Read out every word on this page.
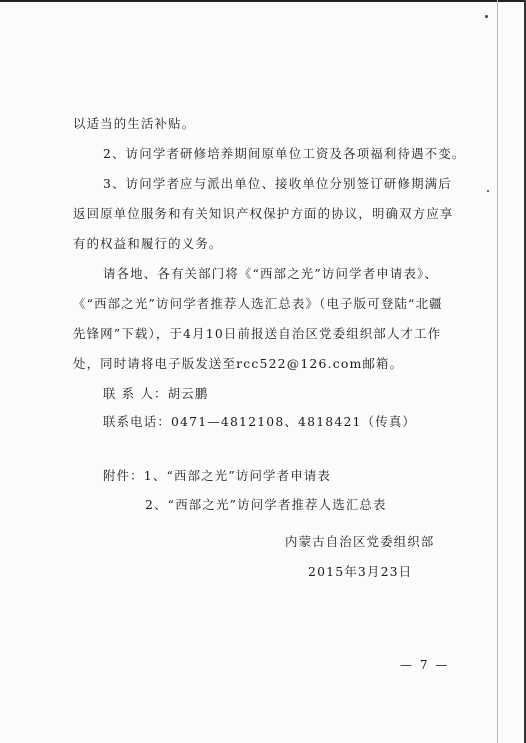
以适当的生活补贴。
2、访问学者研修培养期间原单位工资及各项福利待遇不变。
3、访问学者应与派出单位、接收单位分别签订研修期满后
返回原单位服务和有关知识产权保护方面的协议，明确双方应享
有的权益和履行的义务。
请各地、各有关部门将《“西部之光”访问学者申请表》、
《“西部之光”访问学者推荐人选汇总表》（电子版可登陆“北疆
先锋网”下载），于4月10日前报送自治区党委组织部人才工作
处，同时请将电子版发送至rcc522@126.com邮箱。
联 系 人：胡云鹏
联系电话：0471—4812108、4818421（传真）
附件：1、“西部之光”访问学者申请表
2、“西部之光”访问学者推荐人选汇总表
内蒙古自治区党委组织部
2015年3月23日
— 7 —
